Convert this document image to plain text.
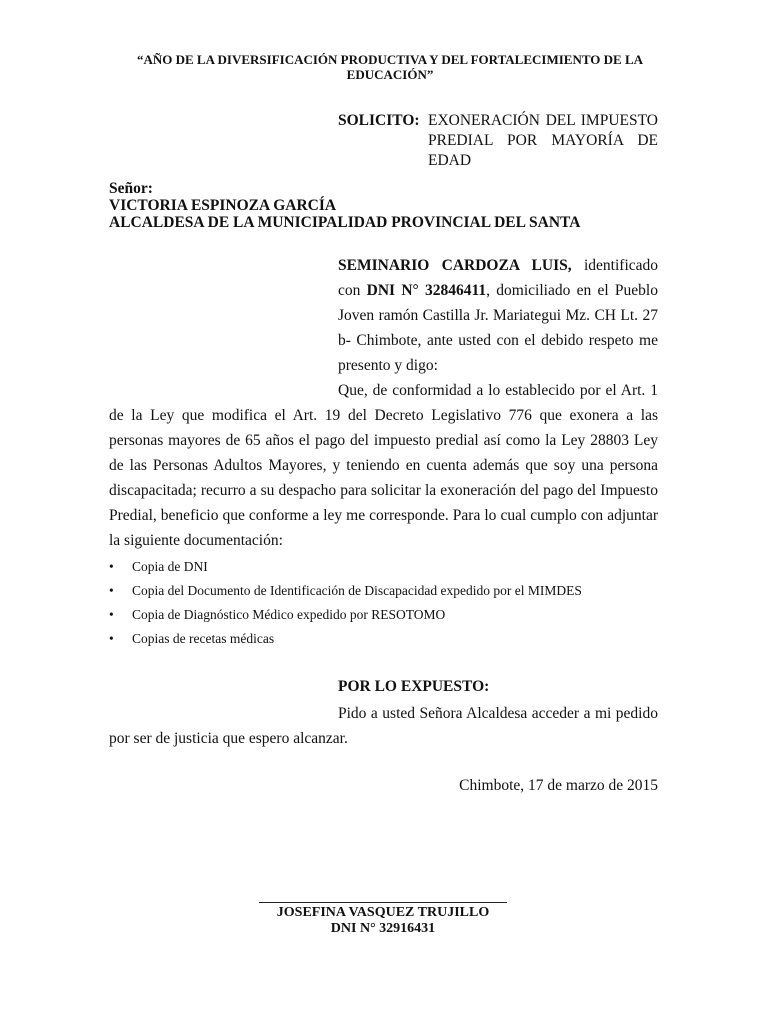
“AÑO DE LA DIVERSIFICACIÓN PRODUCTIVA Y DEL FORTALECIMIENTO DE LA EDUCACIÓN”
SOLICITO: EXONERACIÓN DEL IMPUESTO PREDIAL POR MAYORÍA DE EDAD
Señor:
VICTORIA ESPINOZA GARCÍA
ALCALDESA DE LA MUNICIPALIDAD PROVINCIAL DEL SANTA
SEMINARIO CARDOZA LUIS, identificado
con DNI N° 32846411, domiciliado en el Pueblo
Joven ramón Castilla Jr. Mariategui Mz. CH Lt. 27
b- Chimbote, ante usted con el debido respeto me
presento y digo:
Que, de conformidad a lo establecido por el Art. 1
de la Ley que modifica el Art. 19 del Decreto Legislativo 776 que exonera a las
personas mayores de 65 años el pago del impuesto predial así como la Ley 28803 Ley
de las Personas Adultos Mayores, y teniendo en cuenta además que soy una persona
discapacitada; recurro a su despacho para solicitar la exoneración del pago del Impuesto
Predial, beneficio que conforme a ley me corresponde. Para lo cual cumplo con adjuntar
la siguiente documentación:
• Copia de DNI
• Copia del Documento de Identificación de Discapacidad expedido por el MIMDES
• Copia de Diagnóstico Médico expedido por RESOTOMO
• Copias de recetas médicas
POR LO EXPUESTO:
Pido a usted Señora Alcaldesa acceder a mi pedido
por ser de justicia que espero alcanzar.
Chimbote, 17 de marzo de 2015
JOSEFINA VASQUEZ TRUJILLO
DNI N° 32916431
